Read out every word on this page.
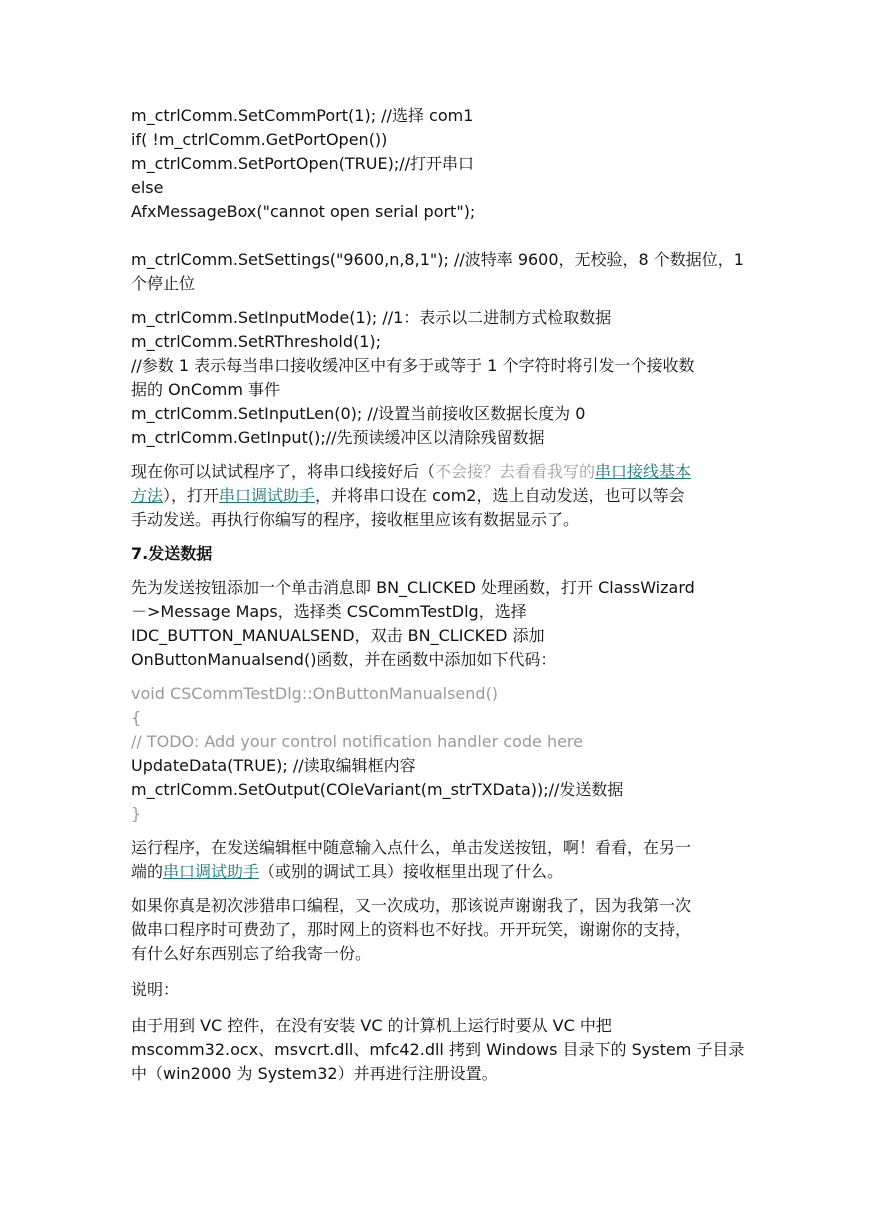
m_ctrlComm.SetCommPort(1); //选择 com1
if( !m_ctrlComm.GetPortOpen())
m_ctrlComm.SetPortOpen(TRUE);//打开串口
else
AfxMessageBox("cannot open serial port");
m_ctrlComm.SetSettings("9600,n,8,1"); //波特率 9600，无校验，8 个数据位，1
个停止位
m_ctrlComm.SetInputMode(1); //1：表示以二进制方式检取数据
m_ctrlComm.SetRThreshold(1);
//参数 1 表示每当串口接收缓冲区中有多于或等于 1 个字符时将引发一个接收数
据的 OnComm 事件
m_ctrlComm.SetInputLen(0); //设置当前接收区数据长度为 0
m_ctrlComm.GetInput();//先预读缓冲区以清除残留数据
现在你可以试试程序了，将串口线接好后（不会接？去看看我写的串口接线基本
方法），打开串口调试助手，并将串口设在 com2，选上自动发送，也可以等会
手动发送。再执行你编写的程序，接收框里应该有数据显示了。
7.发送数据
先为发送按钮添加一个单击消息即 BN_CLICKED 处理函数，打开 ClassWizard
－>Message Maps，选择类 CSCommTestDlg，选择
IDC_BUTTON_MANUALSEND，双击 BN_CLICKED 添加
OnButtonManualsend()函数，并在函数中添加如下代码：
void CSCommTestDlg::OnButtonManualsend()
{
// TODO: Add your control notification handler code here
UpdateData(TRUE); //读取编辑框内容
m_ctrlComm.SetOutput(COleVariant(m_strTXData));//发送数据
}
运行程序，在发送编辑框中随意输入点什么，单击发送按钮，啊！看看，在另一
端的串口调试助手（或别的调试工具）接收框里出现了什么。
如果你真是初次涉猎串口编程，又一次成功，那该说声谢谢我了，因为我第一次
做串口程序时可费劲了，那时网上的资料也不好找。开开玩笑，谢谢你的支持，
有什么好东西别忘了给我寄一份。
说明：
由于用到 VC 控件，在没有安装 VC 的计算机上运行时要从 VC 中把
mscomm32.ocx、msvcrt.dll、mfc42.dll 拷到 Windows 目录下的 System 子目录
中（win2000 为 System32）并再进行注册设置。
